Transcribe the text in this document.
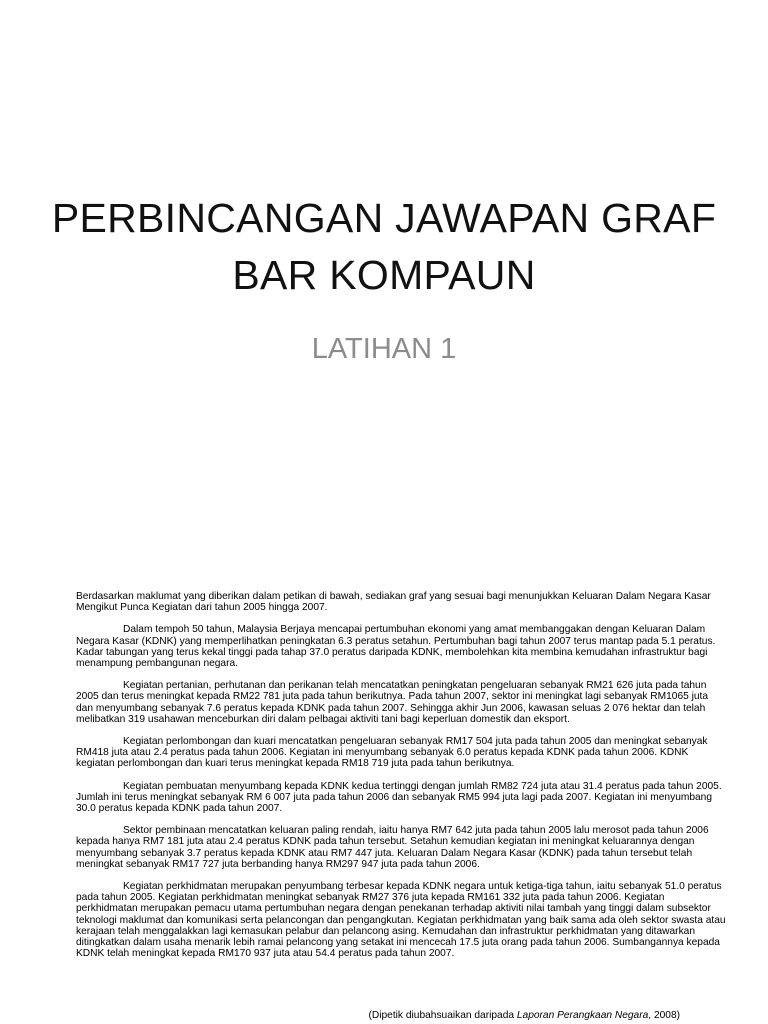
PERBINCANGAN JAWAPAN GRAF
BAR KOMPAUN
LATIHAN 1

Berdasarkan maklumat yang diberikan dalam petikan di bawah, sediakan graf yang sesuai bagi menunjukkan Keluaran Dalam Negara Kasar Mengikut Punca Kegiatan dari tahun 2005 hingga 2007.

Dalam tempoh 50 tahun, Malaysia Berjaya mencapai pertumbuhan ekonomi yang amat membanggakan dengan Keluaran Dalam Negara Kasar (KDNK) yang memperlihatkan peningkatan 6.3 peratus setahun. Pertumbuhan bagi tahun 2007 terus mantap pada 5.1 peratus. Kadar tabungan yang terus kekal tinggi pada tahap 37.0 peratus daripada KDNK, membolehkan kita membina kemudahan infrastruktur bagi menampung pembangunan negara.

Kegiatan pertanian, perhutanan dan perikanan telah mencatatkan peningkatan pengeluaran sebanyak RM21 626 juta pada tahun 2005 dan terus meningkat kepada RM22 781 juta pada tahun berikutnya. Pada tahun 2007, sektor ini meningkat lagi sebanyak RM1065 juta dan menyumbang sebanyak 7.6 peratus kepada KDNK pada tahun 2007. Sehingga akhir Jun 2006, kawasan seluas 2 076 hektar dan telah melibatkan 319 usahawan menceburkan diri dalam pelbagai aktiviti tani bagi keperluan domestik dan eksport.

Kegiatan perlombongan dan kuari mencatatkan pengeluaran sebanyak RM17 504 juta pada tahun 2005 dan meningkat sebanyak RM418 juta atau 2.4 peratus pada tahun 2006. Kegiatan ini menyumbang sebanyak 6.0 peratus kepada KDNK pada tahun 2006. KDNK kegiatan perlombongan dan kuari terus meningkat kepada RM18 719 juta pada tahun berikutnya.

Kegiatan pembuatan menyumbang kepada KDNK kedua tertinggi dengan jumlah RM82 724 juta atau 31.4 peratus pada tahun 2005. Jumlah ini terus meningkat sebanyak RM 6 007 juta pada tahun 2006 dan sebanyak RM5 994 juta lagi pada 2007. Kegiatan ini menyumbang 30.0 peratus kepada KDNK pada tahun 2007.

Sektor pembinaan mencatatkan keluaran paling rendah, iaitu hanya RM7 642 juta pada tahun 2005 lalu merosot pada tahun 2006 kepada hanya RM7 181 juta atau 2.4 peratus KDNK pada tahun tersebut. Setahun kemudian kegiatan ini meningkat keluarannya dengan menyumbang sebanyak 3.7 peratus kepada KDNK atau RM7 447 juta. Keluaran Dalam Negara Kasar (KDNK) pada tahun tersebut telah meningkat sebanyak RM17 727 juta berbanding hanya RM297 947 juta pada tahun 2006.

Kegiatan perkhidmatan merupakan penyumbang terbesar kepada KDNK negara untuk ketiga-tiga tahun, iaitu sebanyak 51.0 peratus pada tahun 2005. Kegiatan perkhidmatan meningkat sebanyak RM27 376 juta kepada RM161 332 juta pada tahun 2006. Kegiatan perkhidmatan merupakan pemacu utama pertumbuhan negara dengan penekanan terhadap aktiviti nilai tambah yang tinggi dalam subsektor teknologi maklumat dan komunikasi serta pelancongan dan pengangkutan. Kegiatan perkhidmatan yang baik sama ada oleh sektor swasta atau kerajaan telah menggalakkan lagi kemasukan pelabur dan pelancong asing. Kemudahan dan infrastruktur perkhidmatan yang ditawarkan ditingkatkan dalam usaha menarik lebih ramai pelancong yang setakat ini mencecah 17.5 juta orang pada tahun 2006. Sumbangannya kepada KDNK telah meningkat kepada RM170 937 juta atau 54.4 peratus pada tahun 2007.

(Dipetik diubahsuaikan daripada Laporan Perangkaan Negara, 2008)
